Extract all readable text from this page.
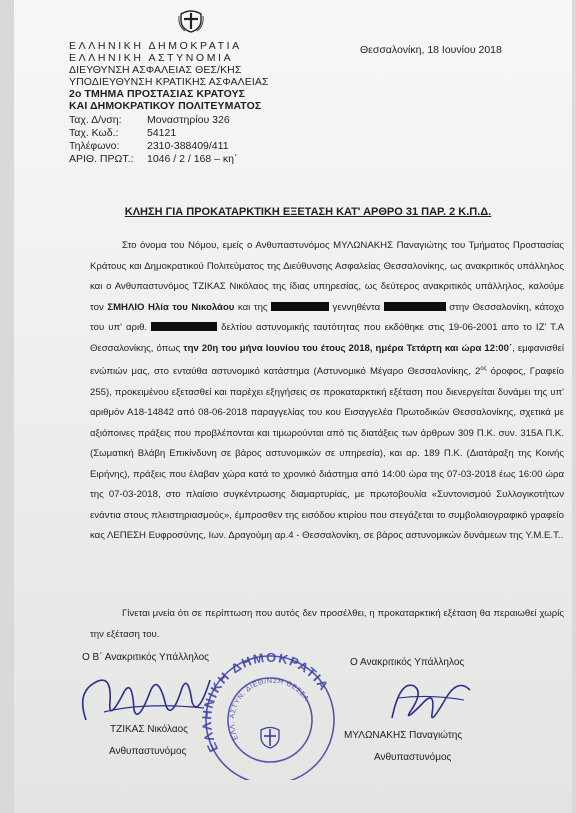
ΕΛΛΗΝΙΚΗ ΔΗΜΟΚΡΑΤΙΑ
ΕΛΛΗΝΙΚΗ ΑΣΤΥΝΟΜΙΑ
ΔΙΕΥΘΥΝΣΗ ΑΣΦΑΛΕΙΑΣ ΘΕΣ/ΚΗΣ
ΥΠΟΔΙΕΥΘΥΝΣΗ ΚΡΑΤΙΚΗΣ ΑΣΦΑΛΕΙΑΣ
2ο ΤΜΗΜΑ ΠΡΟΣΤΑΣΙΑΣ ΚΡΑΤΟΥΣ
ΚΑΙ ΔΗΜΟΚΡΑΤΙΚΟΥ ΠΟΛΙΤΕΥΜΑΤΟΣ
Θεσσαλονίκη, 18 Ιουνίου 2018
Ταχ. Δ/νση: Μοναστηρίου 326
Ταχ. Κωδ.:	54121
Τηλέφωνο:	2310-388409/411
ΑΡΙΘ. ΠΡΩΤ.: 1046 / 2 / 168 – κη΄
ΚΛΗΣΗ ΓΙΑ ΠΡΟΚΑΤΑΡΚΤΙΚΗ ΕΞΕΤΑΣΗ ΚΑΤ' ΑΡΘΡΟ 31 ΠΑΡ. 2 Κ.Π.Δ.

Στο όνομα του Νόμου, εμείς ο Ανθυπαστυνόμος ΜΥΛΩΝΑΚΗΣ Παναγιώτης του Τμήματος Προστασίας Κράτους και Δημοκρατικού Πολιτεύματος της Διεύθυνσης Ασφαλείας Θεσσαλονίκης, ως ανακριτικός υπάλληλος και ο Ανθυπαστυνόμος ΤΖΙΚΑΣ Νικόλαος της ίδιας υπηρεσίας, ως δεύτερος ανακριτικός υπάλληλος, καλούμε τον ΣΜΗΛΙΟ Ηλία του Νικολάου και της	γεννηθέντα	στην Θεσσαλονίκη, κάτοχο του υπ' αριθ.	δελτίου αστυνομικής ταυτότητας που εκδόθηκε στις 19-06-2001 απο το ΙΖ' Τ.Α Θεσσαλονίκης, όπως την 20η του μήνα Ιουνίου του έτους 2018, ημέρα Τετάρτη και ώρα 12:00΄, εμφανισθεί ενώπιών μας, στο ενταύθα αστυνομικό κατάστημα (Αστυνομικό Μέγαρο Θεσσαλονίκης, $2^{o\varsigma}$ όροφος, Γραφείο 255), προκειμένου εξετασθεί και παρέχει εξηγήσεις σε προκαταρκτική εξέταση που διενεργείται δυνάμει της υπ' αριθμόν Α18-14842 από 08-06-2018 παραγγελίας του κου Εισαγγελέα Πρωτοδικών Θεσσαλονίκης, σχετικά με αξιόποινες πράξεις που προβλέπονται και τιμωρούνται από τις διατάξεις των άρθρων 309 Π.Κ. συν. 315Α Π.Κ. (Σωματική Βλάβη Επικίνδυνη σε βάρος αστυνομικών σε υπηρεσία), και αρ. 189 Π.Κ. (Διατάραξη της Κοινής Ειρήνης), πράξεις που έλαβαν χώρα κατά το χρονικό διάστημα από 14:00 ώρα της 07-03-2018 έως 16:00 ώρα της 07-03-2018, στο πλαίσιο συγκέντρωσης διαμαρτυρίας, με πρωτοβουλία «Συντονισμού Συλλογικοτήτων ενάντια στους πλειστηριασμούς», έμπροσθεν της εισόδου κτιρίου που στεγάζεται το συμβολαιογραφικό γραφείο κας ΛΕΠΕΣΗ Ευφροσύνης, Ιων. Δραγούμη αρ.4 - Θεσσαλονίκη, σε βάρος αστυνομικών δυνάμεων της Υ.Μ.Ε.Τ..

Γίνεται μνεία ότι σε περίπτωση που αυτός δεν προσέλθει, η προκαταρκτική εξέταση θα περαιωθεί χωρίς την εξέταση του.

ΕΛΛΗΝΙΚΗ ΔΗΜΟΚΡΑΤΙΑ
ΕΛΛ. ΑΣΤΥΝ. ΔΙΕΘ/ΝΣΗ ΘΕΣΣΑΛΙΑΣ
Ο Β΄ Ανακριτικός Υπάλληλος
ΤΖΙΚΑΣ Νικόλαος
Ανθυπαστυνόμος
Ο Ανακριτικός Υπάλληλος
ΜΥΛΩΝΑΚΗΣ Παναγιώτης
Ανθυπαστυνόμος
